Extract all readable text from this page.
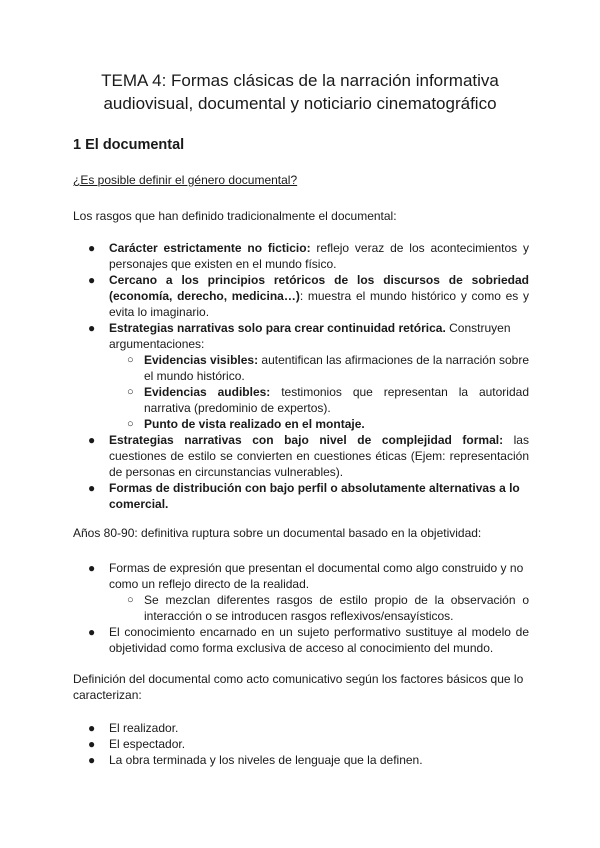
TEMA 4: Formas clásicas de la narración informativa audiovisual, documental y noticiario cinematográfico
1 El documental
¿Es posible definir el género documental?
Los rasgos que han definido tradicionalmente el documental:
● Carácter estrictamente no ficticio: reflejo veraz de los acontecimientos y personajes que existen en el mundo físico.
● Cercano a los principios retóricos de los discursos de sobriedad (economía, derecho, medicina…): muestra el mundo histórico y como es y evita lo imaginario.
● Estrategias narrativas solo para crear continuidad retórica. Construyen argumentaciones:
○ Evidencias visibles: autentifican las afirmaciones de la narración sobre el mundo histórico.
○ Evidencias audibles: testimonios que representan la autoridad narrativa (predominio de expertos).
○ Punto de vista realizado en el montaje.
● Estrategias narrativas con bajo nivel de complejidad formal: las cuestiones de estilo se convierten en cuestiones éticas (Ejem: representación de personas en circunstancias vulnerables).
● Formas de distribución con bajo perfil o absolutamente alternativas a lo comercial.
Años 80-90: definitiva ruptura sobre un documental basado en la objetividad:
● Formas de expresión que presentan el documental como algo construido y no como un reflejo directo de la realidad.
○ Se mezclan diferentes rasgos de estilo propio de la observación o interacción o se introducen rasgos reflexivos/ensayísticos.
● El conocimiento encarnado en un sujeto performativo sustituye al modelo de objetividad como forma exclusiva de acceso al conocimiento del mundo.
Definición del documental como acto comunicativo según los factores básicos que lo caracterizan:
● El realizador.
● El espectador.
● La obra terminada y los niveles de lenguaje que la definen.
